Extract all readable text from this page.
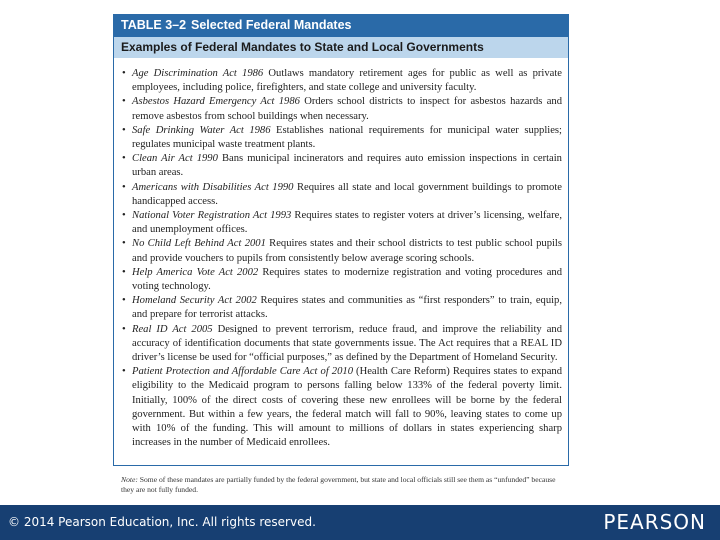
TABLE 3–2 Selected Federal Mandates
Examples of Federal Mandates to State and Local Governments
• Age Discrimination Act 1986 Outlaws mandatory retirement ages for public as well as private employees, including police, firefighters, and state college and university faculty.
• Asbestos Hazard Emergency Act 1986 Orders school districts to inspect for asbestos hazards and remove asbestos from school buildings when necessary.
• Safe Drinking Water Act 1986 Establishes national requirements for municipal water supplies; regulates municipal waste treatment plants.
• Clean Air Act 1990 Bans municipal incinerators and requires auto emission inspections in certain urban areas.
• Americans with Disabilities Act 1990 Requires all state and local government buildings to promote handicapped access.
• National Voter Registration Act 1993 Requires states to register voters at driver’s licensing, welfare, and unemployment offices.
• No Child Left Behind Act 2001 Requires states and their school districts to test public school pupils and provide vouchers to pupils from consistently below average scoring schools.
• Help America Vote Act 2002 Requires states to modernize registration and voting procedures and voting technology.
• Homeland Security Act 2002 Requires states and communities as “first responders” to train, equip, and prepare for terrorist attacks.
• Real ID Act 2005 Designed to prevent terrorism, reduce fraud, and improve the reliability and accuracy of identification documents that state governments issue. The Act requires that a REAL ID driver’s license be used for “official purposes,” as defined by the Department of Homeland Security.
• Patient Protection and Affordable Care Act of 2010 (Health Care Reform) Requires states to expand eligibility to the Medicaid program to persons falling below 133% of the federal poverty limit. Initially, 100% of the direct costs of covering these new enrollees will be borne by the federal government. But within a few years, the federal match will fall to 90%, leaving states to come up with 10% of the funding. This will amount to millions of dollars in states experiencing sharp increases in the number of Medicaid enrollees.
Note: Some of these mandates are partially funded by the federal government, but state and local officials still see them as “unfunded” because they are not fully funded.
© 2014 Pearson Education, Inc. All rights reserved.	PEARSON
